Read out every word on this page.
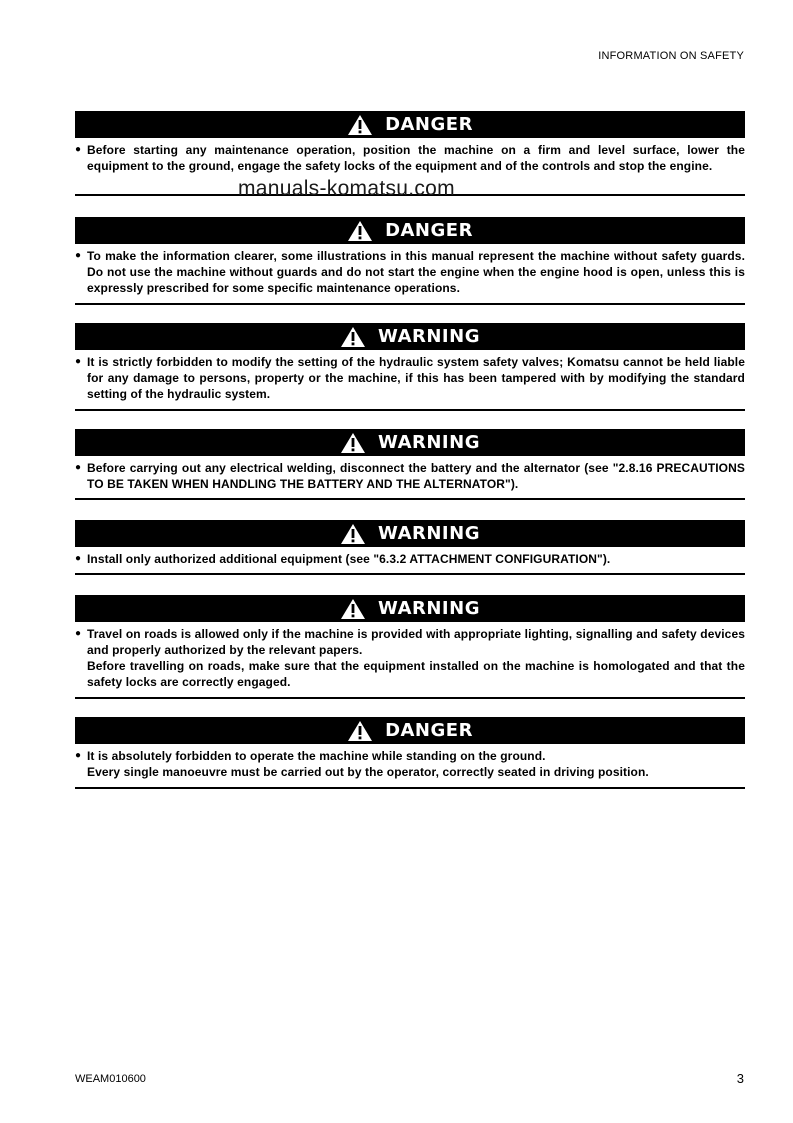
INFORMATION ON SAFETY
DANGER
● Before starting any maintenance operation, position the machine on a firm and level surface, lower the equipment to the ground, engage the safety locks of the equipment and of the controls and stop the engine.
DANGER
● To make the information clearer, some illustrations in this manual represent the machine without safety guards. Do not use the machine without guards and do not start the engine when the engine hood is open, unless this is expressly prescribed for some specific maintenance operations.
WARNING
● It is strictly forbidden to modify the setting of the hydraulic system safety valves; Komatsu cannot be held liable for any damage to persons, property or the machine, if this has been tampered with by modifying the standard setting of the hydraulic system.
WARNING
● Before carrying out any electrical welding, disconnect the battery and the alternator (see "2.8.16 PRECAUTIONS TO BE TAKEN WHEN HANDLING THE BATTERY AND THE ALTERNATOR").
WARNING
● Install only authorized additional equipment (see "6.3.2 ATTACHMENT CONFIGURATION").
WARNING
● Travel on roads is allowed only if the machine is provided with appropriate lighting, signalling and safety devices and properly authorized by the relevant papers.
Before travelling on roads, make sure that the equipment installed on the machine is homologated and that the safety locks are correctly engaged.
DANGER
● It is absolutely forbidden to operate the machine while standing on the ground.
Every single manoeuvre must be carried out by the operator, correctly seated in driving position.
manuals-komatsu.com
WEAM010600	3
